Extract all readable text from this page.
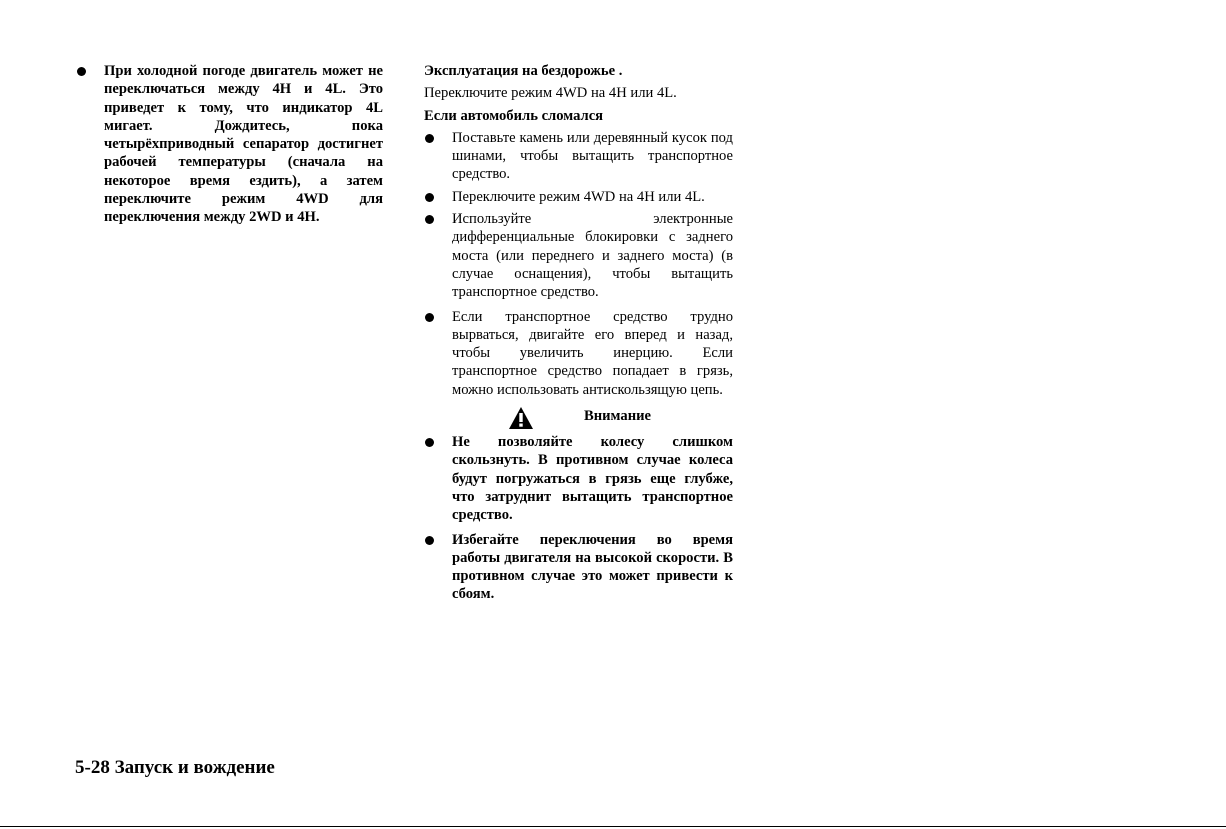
При холодной погоде двигатель может не переключаться между 4H и 4L. Это приведет к тому, что индикатор 4L мигает. Дождитесь, пока четырёхприводный сепаратор достигнет рабочей температуры (сначала на некоторое время ездить), а затем переключите режим 4WD для переключения между 2WD и 4H.

Эксплуатация на бездорожье .

Переключите режим 4WD на 4H или 4L.

Если автомобиль сломался

Поставьте камень или деревянный кусок под шинами, чтобы вытащить транспортное средство.

Переключите режим 4WD на 4H или 4L.

Используйте электронные дифференциальные блокировки с заднего моста (или переднего и заднего моста) (в случае оснащения), чтобы вытащить транспортное средство.

Если транспортное средство трудно вырваться, двигайте его вперед и назад, чтобы увеличить инерцию. Если транспортное средство попадает в грязь, можно использовать антискользящую цепь.

Внимание

Не позволяйте колесу слишком скользнуть. В противном случае колеса будут погружаться в грязь еще глубже, что затруднит вытащить транспортное средство.

Избегайте переключения во время работы двигателя на высокой скорости. В противном случае это может привести к сбоям.

5-28 Запуск и вождение
